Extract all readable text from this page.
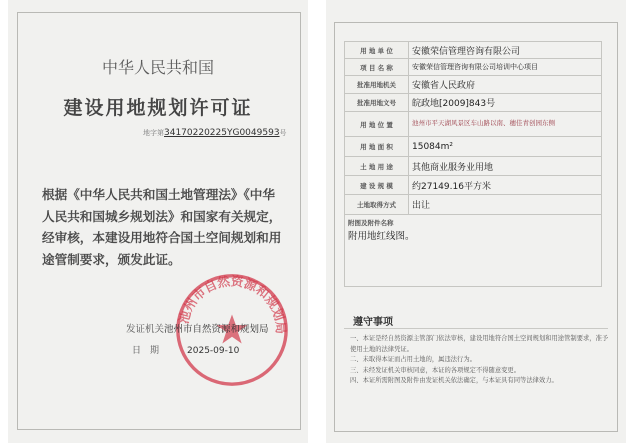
中华人民共和国
建设用地规划许可证
地字第34170220225YG0049593号
根据《中华人民共和国土地管理法》《中华人民共和国城乡规划法》和国家有关规定，经审核，本建设用地符合国土空间规划和用途管制要求，颁发此证。
池州市自然资源和规划局
发证机关池州市自然资源和规划局
日　期	2025-09-10
用 地 单 位	安徽荣信管理咨询有限公司
项 目 名 称	安徽荣信管理咨询有限公司培训中心项目
批准用地机关	安徽省人民政府
批准用地文号	皖政地[2009]843号
用 地 位 置	池州市平天湖风景区车山路以南、穗佳青创园东侧
用 地 面 积	15084m²
土 地 用 途	其他商业服务业用地
建 设 规 模	约27149.16平方米
土地取得方式	出让

附图及附件名称
附用地红线图。	
遵守事项
一、本证是经自然资源主管部门依法审核，建设用地符合国土空间规划和用途管制要求，准予使用土地的法律凭证。
二、未取得本证而占用土地的，属违法行为。
三、未经发证机关审核同意，本证的各项规定不得随意变更。
四、本证所需附图及附件由发证机关依法确定，与本证具有同等法律效力。
